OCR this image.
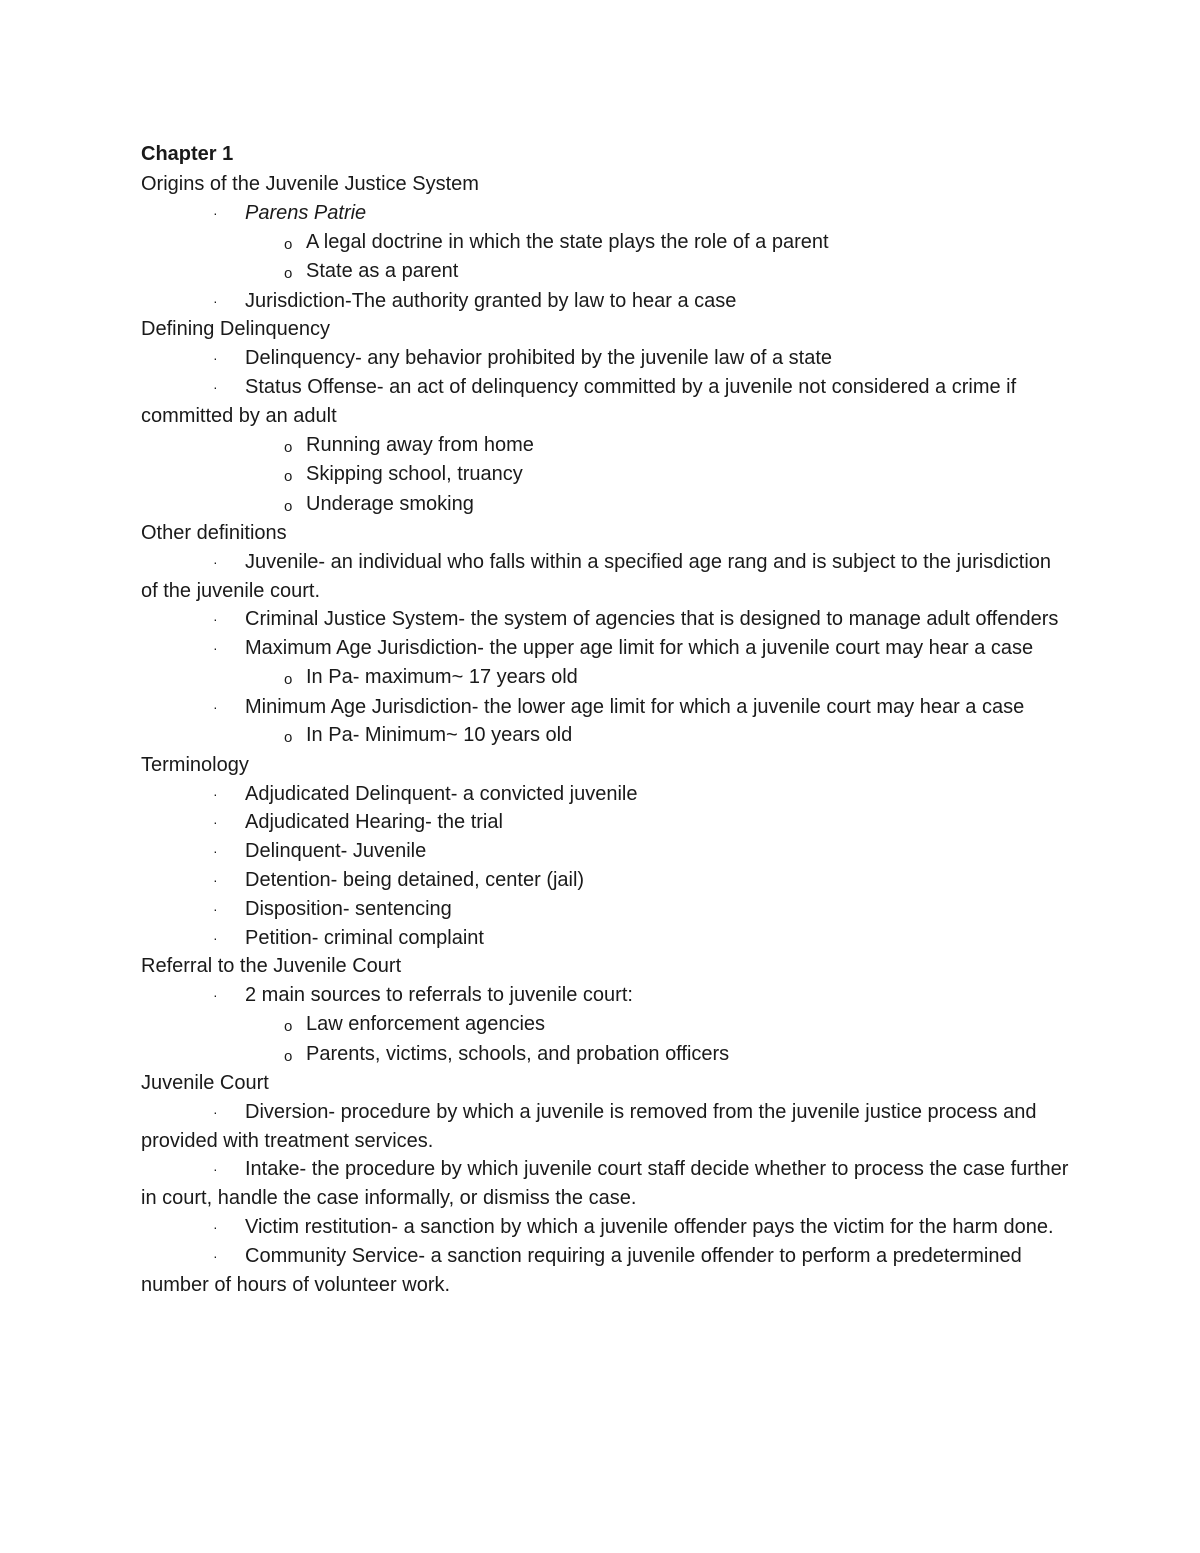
Chapter 1
Origins of the Juvenile Justice System
· Parens Patrie
o A legal doctrine in which the state plays the role of a parent
o State as a parent
· Jurisdiction-The authority granted by law to hear a case
Defining Delinquency
· Delinquency- any behavior prohibited by the juvenile law of a state
· Status Offense- an act of delinquency committed by a juvenile not considered a crime if committed by an adult
o Running away from home
o Skipping school, truancy
o Underage smoking
Other definitions
· Juvenile- an individual who falls within a specified age rang and is subject to the jurisdiction of the juvenile court.
· Criminal Justice System- the system of agencies that is designed to manage adult offenders
· Maximum Age Jurisdiction- the upper age limit for which a juvenile court may hear a case
o In Pa- maximum~ 17 years old
· Minimum Age Jurisdiction- the lower age limit for which a juvenile court may hear a case
o In Pa- Minimum~ 10 years old
Terminology
· Adjudicated Delinquent- a convicted juvenile
· Adjudicated Hearing- the trial
· Delinquent- Juvenile
· Detention- being detained, center (jail)
· Disposition- sentencing
· Petition- criminal complaint
Referral to the Juvenile Court
· 2 main sources to referrals to juvenile court:
o Law enforcement agencies
o Parents, victims, schools, and probation officers
Juvenile Court
· Diversion- procedure by which a juvenile is removed from the juvenile justice process and provided with treatment services.
· Intake- the procedure by which juvenile court staff decide whether to process the case further in court, handle the case informally, or dismiss the case.
· Victim restitution- a sanction by which a juvenile offender pays the victim for the harm done.
· Community Service- a sanction requiring a juvenile offender to perform a predetermined number of hours of volunteer work.
